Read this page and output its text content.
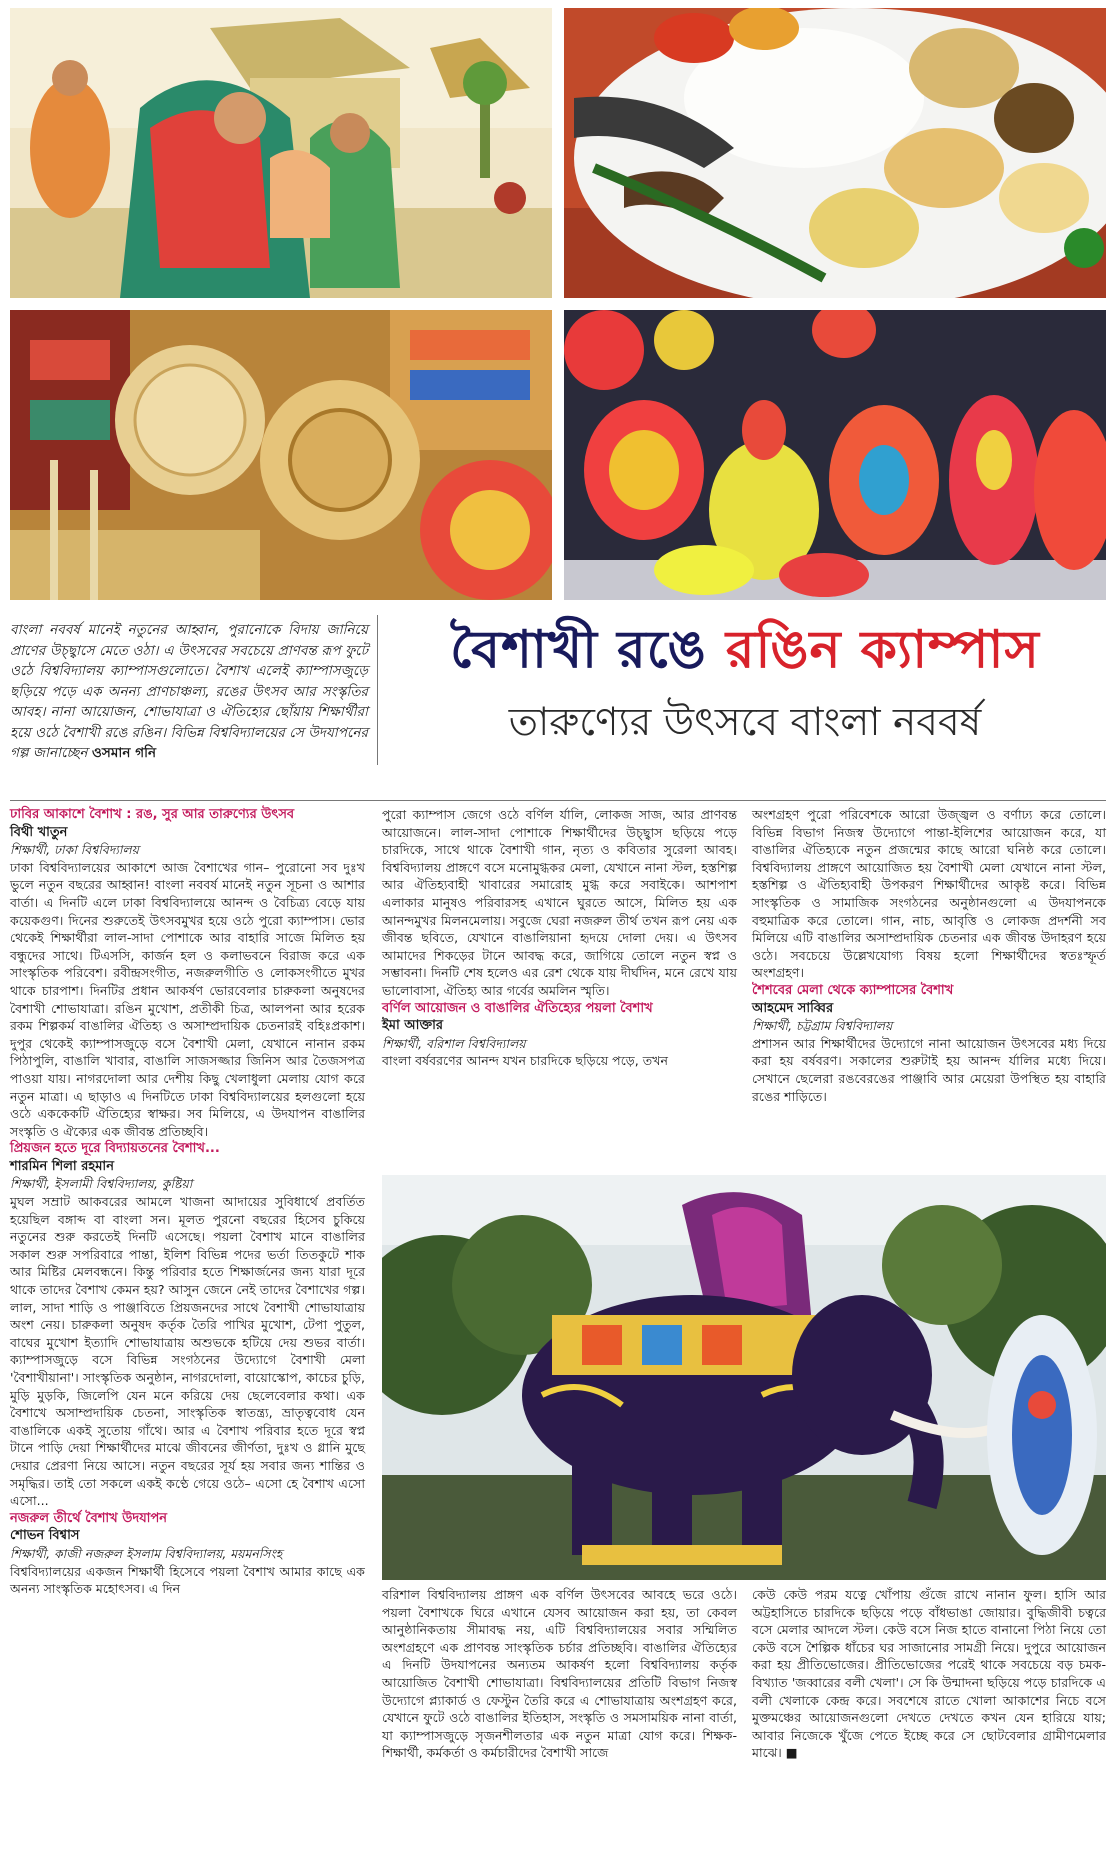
বাংলা নববর্ষ মানেই নতুনের আহ্বান, পুরানোকে বিদায় জানিয়ে প্রাণের উচ্ছ্বাসে মেতে ওঠা। এ উৎসবের সবচেয়ে প্রাণবন্ত রূপ ফুটে ওঠে বিশ্ববিদ্যালয় ক্যাম্পাসগুলোতে। বৈশাখ এলেই ক্যাম্পাসজুড়ে ছড়িয়ে পড়ে এক অনন্য প্রাণচাঞ্চল্য, রঙের উৎসব আর সংস্কৃতির আবহ। নানা আয়োজন, শোভাযাত্রা ও ঐতিহ্যের ছোঁয়ায় শিক্ষার্থীরা হয়ে ওঠে বৈশাখী রঙে রঙিন। বিভিন্ন বিশ্ববিদ্যালয়ের সে উদযাপনের গল্প জানাচ্ছেন ওসমান গনি
বৈশাখী রঙে রঙিন ক্যাম্পাস
তারুণ্যের উৎসবে বাংলা নববর্ষ

ঢাবির আকাশে বৈশাখ : রঙ, সুর আর তারুণ্যের উৎসব

বিথী খাতুন

শিক্ষার্থী, ঢাকা বিশ্ববিদ্যালয়

ঢাকা বিশ্ববিদ্যালয়ের আকাশে আজ বৈশাখের গান– পুরোনো সব দুঃখ ভুলে নতুন বছরের আহ্বান! বাংলা নববর্ষ মানেই নতুন সূচনা ও আশার বার্তা। এ দিনটি এলে ঢাকা বিশ্ববিদ্যালয়ে আনন্দ ও বৈচিত্র্য বেড়ে যায় কয়েকগুণ। দিনের শুরুতেই উৎসবমুখর হয়ে ওঠে পুরো ক্যাম্পাস। ভোর থেকেই শিক্ষার্থীরা লাল-সাদা পোশাকে আর বাহারি সাজে মিলিত হয় বন্ধুদের সাথে। টিএসসি, কার্জন হল ও কলাভবনে বিরাজ করে এক সাংস্কৃতিক পরিবেশ। রবীন্দ্রসংগীত, নজরুলগীতি ও লোকসংগীতে মুখর থাকে চারপাশ। দিনটির প্রধান আকর্ষণ ভোরবেলার চারুকলা অনুষদের বৈশাখী শোভাযাত্রা। রঙিন মুখোশ, প্রতীকী চিত্র, আলপনা আর হরেক রকম শিল্পকর্ম বাঙালির ঐতিহ্য ও অসাম্প্রদায়িক চেতনারই বহিঃপ্রকাশ। দুপুর থেকেই ক্যাম্পাসজুড়ে বসে বৈশাখী মেলা, যেখানে নানান রকম পিঠাপুলি, বাঙালি খাবার, বাঙালি সাজসজ্জার জিনিস আর তৈজসপত্র পাওয়া যায়। নাগরদোলা আর দেশীয় কিছু খেলাধুলা মেলায় যোগ করে নতুন মাত্রা। এ ছাড়াও এ দিনটিতে ঢাকা বিশ্ববিদ্যালয়ের হলগুলো হয়ে ওঠে এককেকটি ঐতিহ্যের স্বাক্ষর। সব মিলিয়ে, এ উদযাপন বাঙালির সংস্কৃতি ও ঐক্যের এক জীবন্ত প্রতিচ্ছবি।

প্রিয়জন হতে দূরে বিদ্যায়তনের বৈশাখ...

শারমিন শিলা রহমান

শিক্ষার্থী, ইসলামী বিশ্ববিদ্যালয়, কুষ্টিয়া

মুঘল সম্রাট আকবরের আমলে খাজনা আদায়ের সুবিধার্থে প্রবর্তিত হয়েছিল বঙ্গাব্দ বা বাংলা সন। মূলত পুরনো বছরের হিসেব চুকিয়ে নতুনের শুরু করতেই দিনটি এসেছে। পয়লা বৈশাখ মানে বাঙালির সকাল শুরু সপরিবারে পান্তা, ইলিশ বিভিন্ন পদের ভর্তা তিতকুটে শাক আর মিষ্টির মেলবন্ধনে। কিন্তু পরিবার হতে শিক্ষার্জনের জন্য যারা দূরে থাকে তাদের বৈশাখ কেমন হয়? আসুন জেনে নেই তাদের বৈশাখের গল্প। লাল, সাদা শাড়ি ও পাঞ্জাবিতে প্রিয়জনদের সাথে বৈশাখী শোভাযাত্রায় অংশ নেয়। চারুকলা অনুষদ কর্তৃক তৈরি পাখির মুখোশ, টেপা পুতুল, বাঘের মুখোশ ইত্যাদি শোভাযাত্রায় অশুভকে হটিয়ে দেয় শুভর বার্তা। ক্যাম্পাসজুড়ে বসে বিভিন্ন সংগঠনের উদ্যোগে বৈশাখী মেলা 'বৈশাখীয়ানা'। সাংস্কৃতিক অনুষ্ঠান, নাগরদোলা, বায়োস্কোপ, কাচের চুড়ি, মুড়ি মুড়কি, জিলেপি যেন মনে করিয়ে দেয় ছেলেবেলার কথা। এক বৈশাখে অসাম্প্রদায়িক চেতনা, সাংস্কৃতিক স্বাতন্ত্র্য, ভ্রাতৃত্ববোধ যেন বাঙালিকে একই সুতোয় গাঁথে। আর এ বৈশাখ পরিবার হতে দূরে স্বপ্ন টানে পাড়ি দেয়া শিক্ষার্থীদের মাঝে জীবনের জীর্ণতা, দুঃখ ও গ্লানি মুছে দেয়ার প্রেরণা নিয়ে আসে। নতুন বছরের সূর্য হয় সবার জন্য শান্তির ও সমৃদ্ধির। তাই তো সকলে একই কণ্ঠে গেয়ে ওঠে– এসো হে বৈশাখ এসো এসো...

নজরুল তীর্থে বৈশাখ উদযাপন

শোভন বিশ্বাস

শিক্ষার্থী, কাজী নজরুল ইসলাম বিশ্ববিদ্যালয়, ময়মনসিংহ

বিশ্ববিদ্যালয়ের একজন শিক্ষার্থী হিসেবে পয়লা বৈশাখ আমার কাছে এক অনন্য সাংস্কৃতিক মহোৎসব। এ দিন

পুরো ক্যাম্পাস জেগে ওঠে বর্ণিল র্যালি, লোকজ সাজ, আর প্রাণবন্ত আয়োজনে। লাল-সাদা পোশাকে শিক্ষার্থীদের উচ্ছ্বাস ছড়িয়ে পড়ে চারদিকে, সাথে থাকে বৈশাখী গান, নৃত্য ও কবিতার সুরেলা আবহ। বিশ্ববিদ্যালয় প্রাঙ্গণে বসে মনোমুগ্ধকর মেলা, যেখানে নানা স্টল, হস্তশিল্প আর ঐতিহ্যবাহী খাবারের সমারোহ মুগ্ধ করে সবাইকে। আশপাশ এলাকার মানুষও পরিবারসহ এখানে ঘুরতে আসে, মিলিত হয় এক আনন্দমুখর মিলনমেলায়। সবুজে ঘেরা নজরুল তীর্থ তখন রূপ নেয় এক জীবন্ত ছবিতে, যেখানে বাঙালিয়ানা হৃদয়ে দোলা দেয়। এ উৎসব আমাদের শিকড়ের টানে আবদ্ধ করে, জাগিয়ে তোলে নতুন স্বপ্ন ও সম্ভাবনা। দিনটি শেষ হলেও এর রেশ থেকে যায় দীর্ঘদিন, মনে রেখে যায় ভালোবাসা, ঐতিহ্য আর গর্বের অমলিন স্মৃতি।

বর্ণিল আয়োজন ও বাঙালির ঐতিহ্যের পয়লা বৈশাখ

ইমা আক্তার

শিক্ষার্থী, বরিশাল বিশ্ববিদ্যালয়

বাংলা বর্ষবরণের আনন্দ যখন চারদিকে ছড়িয়ে পড়ে, তখন

অংশগ্রহণ পুরো পরিবেশকে আরো উজ্জ্বল ও বর্ণাঢ্য করে তোলে। বিভিন্ন বিভাগ নিজস্ব উদ্যোগে পান্তা-ইলিশের আয়োজন করে, যা বাঙালির ঐতিহ্যকে নতুন প্রজন্মের কাছে আরো ঘনিষ্ঠ করে তোলে। বিশ্ববিদ্যালয় প্রাঙ্গণে আয়োজিত হয় বৈশাখী মেলা যেখানে নানা স্টল, হস্তশিল্প ও ঐতিহ্যবাহী উপকরণ শিক্ষার্থীদের আকৃষ্ট করে। বিভিন্ন সাংস্কৃতিক ও সামাজিক সংগঠনের অনুষ্ঠানগুলো এ উদযাপনকে বহুমাত্রিক করে তোলে। গান, নাচ, আবৃত্তি ও লোকজ প্রদর্শনী সব মিলিয়ে এটি বাঙালির অসাম্প্রদায়িক চেতনার এক জীবন্ত উদাহরণ হয়ে ওঠে। সবচেয়ে উল্লেখযোগ্য বিষয় হলো শিক্ষার্থীদের স্বতঃস্ফূর্ত অংশগ্রহণ।

শৈশবের মেলা থেকে ক্যাম্পাসের বৈশাখ

আহমেদ সাব্বির

শিক্ষার্থী, চট্টগ্রাম বিশ্ববিদ্যালয়

প্রশাসন আর শিক্ষার্থীদের উদ্যোগে নানা আয়োজন উৎসবের মধ্য দিয়ে করা হয় বর্ষবরণ। সকালের শুরুটাই হয় আনন্দ র্যালির মধ্যে দিয়ে। সেখানে ছেলেরা রঙবেরঙের পাঞ্জাবি আর মেয়েরা উপস্থিত হয় বাহারি রঙের শাড়িতে।

বরিশাল বিশ্ববিদ্যালয় প্রাঙ্গণ এক বর্ণিল উৎসবের আবহে ভরে ওঠে। পয়লা বৈশাখকে ঘিরে এখানে যেসব আয়োজন করা হয়, তা কেবল আনুষ্ঠানিকতায় সীমাবদ্ধ নয়, এটি বিশ্ববিদ্যালয়ের সবার সম্মিলিত অংশগ্রহণে এক প্রাণবন্ত সাংস্কৃতিক চর্চার প্রতিচ্ছবি। বাঙালির ঐতিহ্যের এ দিনটি উদযাপনের অন্যতম আকর্ষণ হলো বিশ্ববিদ্যালয় কর্তৃক আয়োজিত বৈশাখী শোভাযাত্রা। বিশ্ববিদ্যালয়ের প্রতিটি বিভাগ নিজস্ব উদ্যোগে প্ল্যাকার্ড ও ফেস্টুন তৈরি করে এ শোভাযাত্রায় অংশগ্রহণ করে, যেখানে ফুটে ওঠে বাঙালির ইতিহাস, সংস্কৃতি ও সমসাময়িক নানা বার্তা, যা ক্যাম্পাসজুড়ে সৃজনশীলতার এক নতুন মাত্রা যোগ করে। শিক্ষক-শিক্ষার্থী, কর্মকর্তা ও কর্মচারীদের বৈশাখী সাজে

কেউ কেউ পরম যত্নে খোঁপায় গুঁজে রাখে নানান ফুল। হাসি আর অট্টহাসিতে চারদিকে ছড়িয়ে পড়ে বাঁধভাঙা জোয়ার। বুদ্ধিজীবী চত্বরে বসে মেলার আদলে স্টল। কেউ বসে নিজ হাতে বানানো পিঠা নিয়ে তো কেউ বসে শৈল্পিক ধাঁচের ঘর সাজানোর সামগ্রী নিয়ে। দুপুরে আয়োজন করা হয় প্রীতিভোজের। প্রীতিভোজের পরেই থাকে সবচেয়ে বড় চমক- বিখ্যাত 'জব্বারের বলী খেলা'। সে কি উন্মাদনা ছড়িয়ে পড়ে চারদিকে এ বলী খেলাকে কেন্দ্র করে। সবশেষে রাতে খোলা আকাশের নিচে বসে মুক্তমঞ্চের আয়োজনগুলো দেখতে দেখতে কখন যেন হারিয়ে যায়; আবার নিজেকে খুঁজে পেতে ইচ্ছে করে সে ছোটবেলার গ্রামীণমেলার মাঝে। ■
